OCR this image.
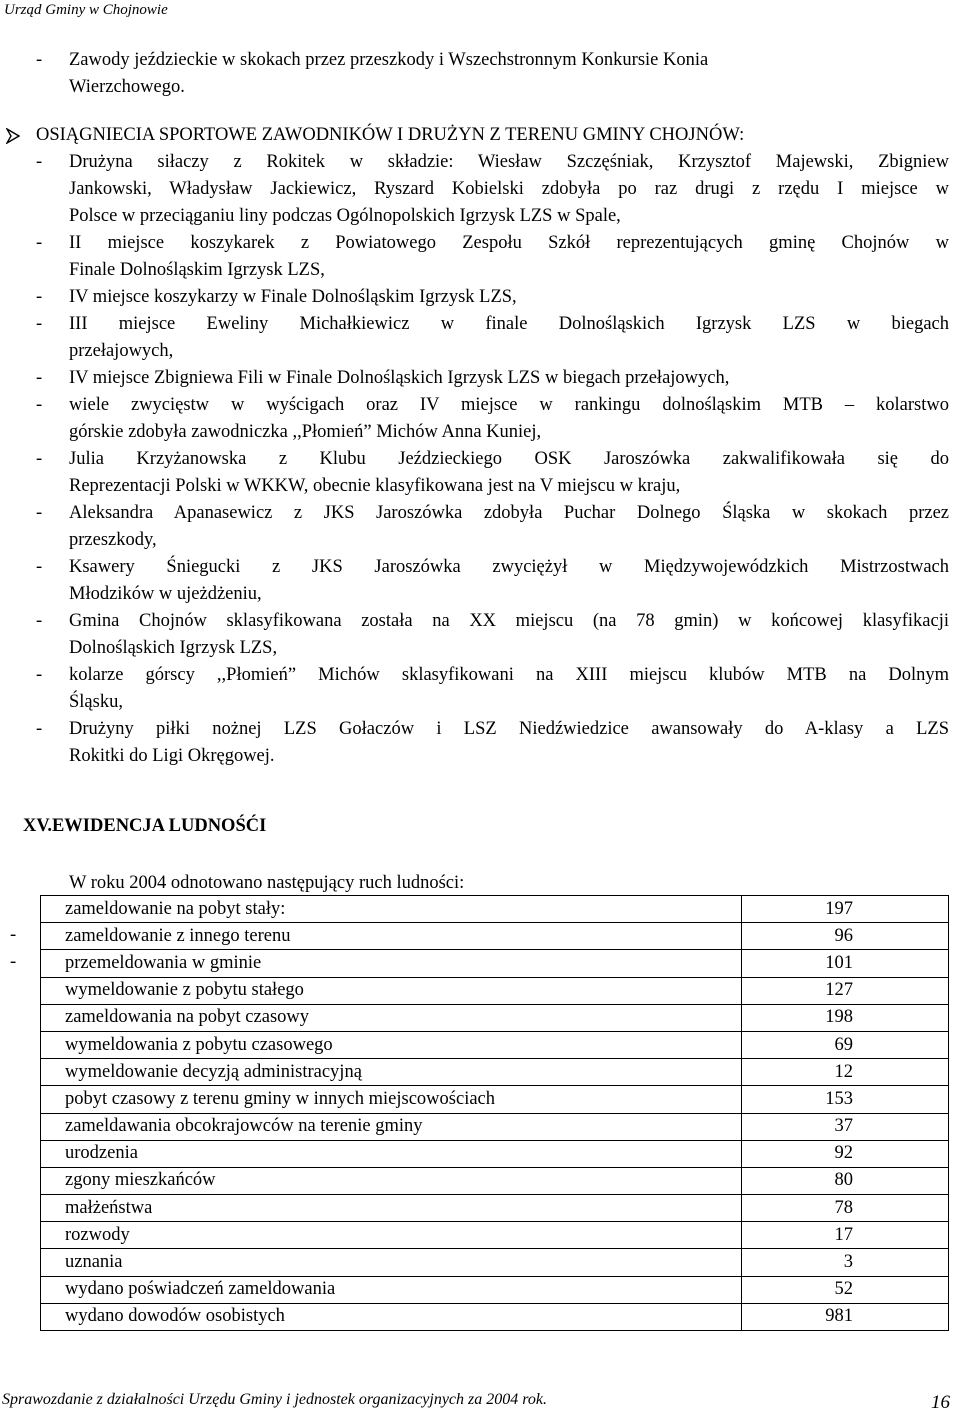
Urząd Gminy w Chojnowie
- Zawody jeździeckie w skokach przez przeszkody i Wszechstronnym Konkursie Konia
Wierzchowego.
OSIĄGNIECIA SPORTOWE ZAWODNIKÓW I DRUŻYN Z TERENU GMINY CHOJNÓW:
- Drużyna siłaczy z Rokitek w składzie: Wiesław Szczęśniak, Krzysztof Majewski, Zbigniew
Jankowski, Władysław Jackiewicz, Ryszard Kobielski zdobyła po raz drugi z rzędu I miejsce w
Polsce w przeciąganiu liny podczas Ogólnopolskich Igrzysk LZS w Spale,
- II miejsce koszykarek z Powiatowego Zespołu Szkół reprezentujących gminę Chojnów w
Finale Dolnośląskim Igrzysk LZS,
- IV miejsce koszykarzy w Finale Dolnośląskim Igrzysk LZS,
- III miejsce Eweliny Michałkiewicz w finale Dolnośląskich Igrzysk LZS w biegach
przełajowych,
- IV miejsce Zbigniewa Fili w Finale Dolnośląskich Igrzysk LZS w biegach przełajowych,
- wiele zwycięstw w wyścigach oraz IV miejsce w rankingu dolnośląskim MTB – kolarstwo
górskie zdobyła zawodniczka ,,Płomień” Michów Anna Kuniej,
- Julia Krzyżanowska z Klubu Jeździeckiego OSK Jaroszówka zakwalifikowała się do
Reprezentacji Polski w WKKW, obecnie klasyfikowana jest na V miejscu w kraju,
- Aleksandra Apanasewicz z JKS Jaroszówka zdobyła Puchar Dolnego Śląska w skokach przez
przeszkody,
- Ksawery Śniegucki z JKS Jaroszówka zwyciężył w Międzywojewódzkich Mistrzostwach
Młodzików w ujeżdżeniu,
- Gmina Chojnów sklasyfikowana została na XX miejscu (na 78 gmin) w końcowej klasyfikacji
Dolnośląskich Igrzysk LZS,
- kolarze górscy ,,Płomień” Michów sklasyfikowani na XIII miejscu klubów MTB na Dolnym
Śląsku,
- Drużyny piłki nożnej LZS Gołaczów i LSZ Niedźwiedzice awansowały do A-klasy a LZS
Rokitki do Ligi Okręgowej.
XV.EWIDENCJA LUDNOŚĆI
W roku 2004 odnotowano następujący ruch ludności:
-
-
zameldowanie na pobyt stały:	197
zameldowanie z innego terenu	96
przemeldowania w gminie	101
wymeldowanie z pobytu stałego	127
zameldowania na pobyt czasowy	198
wymeldowania z pobytu czasowego	69
wymeldowanie decyzją administracyjną	12
pobyt czasowy z terenu gminy w innych miejscowościach	153
zameldawania obcokrajowców na terenie gminy	37
urodzenia	92
zgony mieszkańców	80
małżeństwa	78
rozwody	17
uznania	3
wydano poświadczeń zameldowania	52
wydano dowodów osobistych	981
Sprawozdanie z działalności Urzędu Gminy i jednostek organizacyjnych za 2004 rok.	16
